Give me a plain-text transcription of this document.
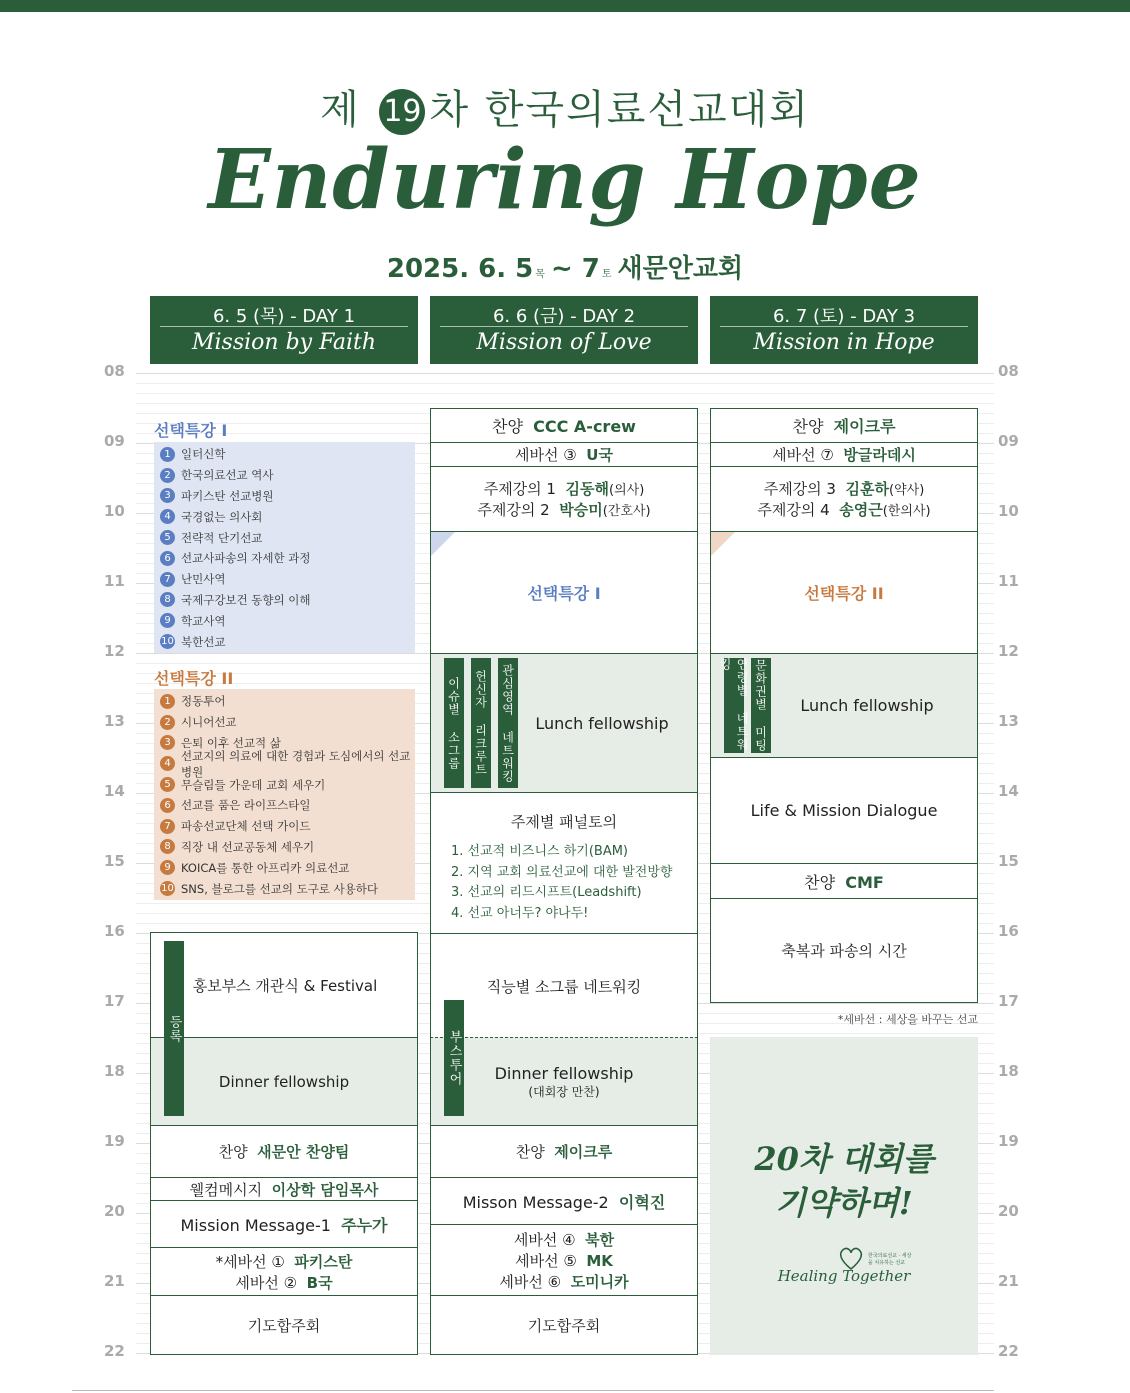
제 19 차 한국의료선교대회
Enduring Hope
2025. 6. 5 목 ~ 7 토 새문안교회
6. 5 (목) - DAY 1
Mission by Faith
6. 6 (금) - DAY 2
Mission of Love
6. 7 (토) - DAY 3
Mission in Hope
08	08
09	09
10	10
11	11
12	12
13	13
14	14
15	15
16	16
17	17
18	18
19	19
20	20
21	21
22	22
선택특강 I
1 일터신학
2 한국의료선교 역사
3 파키스탄 선교병원
4 국경없는 의사회
5 전략적 단기선교
6 선교사파송의 자세한 과정
7 난민사역
8 국제구강보건 동향의 이해
9 학교사역
10 북한선교
선택특강 II
1 정동투어
2 시니어선교
3 은퇴 이후 선교적 삶
4
선교지의 의료에 대한 경험과 도심에서의 선교병원
5 무슬림들 가운데 교회 세우기
6 선교를 품은 라이프스타일
7 파송선교단체 선택 가이드
8 직장 내 선교공동체 세우기
9 KOICA를 통한 아프리카 의료선교
10 SNS, 블로그를 선교의 도구로 사용하다
홍보부스 개관식 & Festival
Dinner fellowship
등록
찬양 새문안 찬양팀
웰컴메시지 이상학 담임목사
Mission Message-1 주누가
*세바선 ① 파키스탄
세바선 ② B국
기도합주회
찬양 CCC A-crew
세바선 ③ U국
주제강의 1 김동해(의사)
주제강의 2 박승미(간호사)
선택특강 I
Lunch fellowship
이슈별 소그룹 헌신자 리크루트 관심영역 네트워킹
주제별 패널토의
1. 선교적 비즈니스 하기(BAM)
2. 지역 교회 의료선교에 대한 발전방향
3. 선교의 리드시프트(Leadshift)
4. 선교 아너두? 야나두!
직능별 소그룹 네트워킹
Dinner fellowship
(대회장 만찬)
부스투어
찬양 제이크루
Misson Message-2 이혁진
세바선 ④ 북한
세바선 ⑤ MK
세바선 ⑥ 도미니카
기도합주회
찬양 제이크루
세바선 ⑦ 방글라데시
주제강의 3 김훈하(약사)
주제강의 4 송영근(한의사)
선택특강 II
Lunch fellowship
연령별 네트워킹	문화권별 미팅
Life & Mission Dialogue
찬양 CMF
축복과 파송의 시간
*세바선 : 세상을 바꾸는 선교
20차 대회를
기약하며!
Healing Together
한국의료선교 · 세상을 치유하는 선교
